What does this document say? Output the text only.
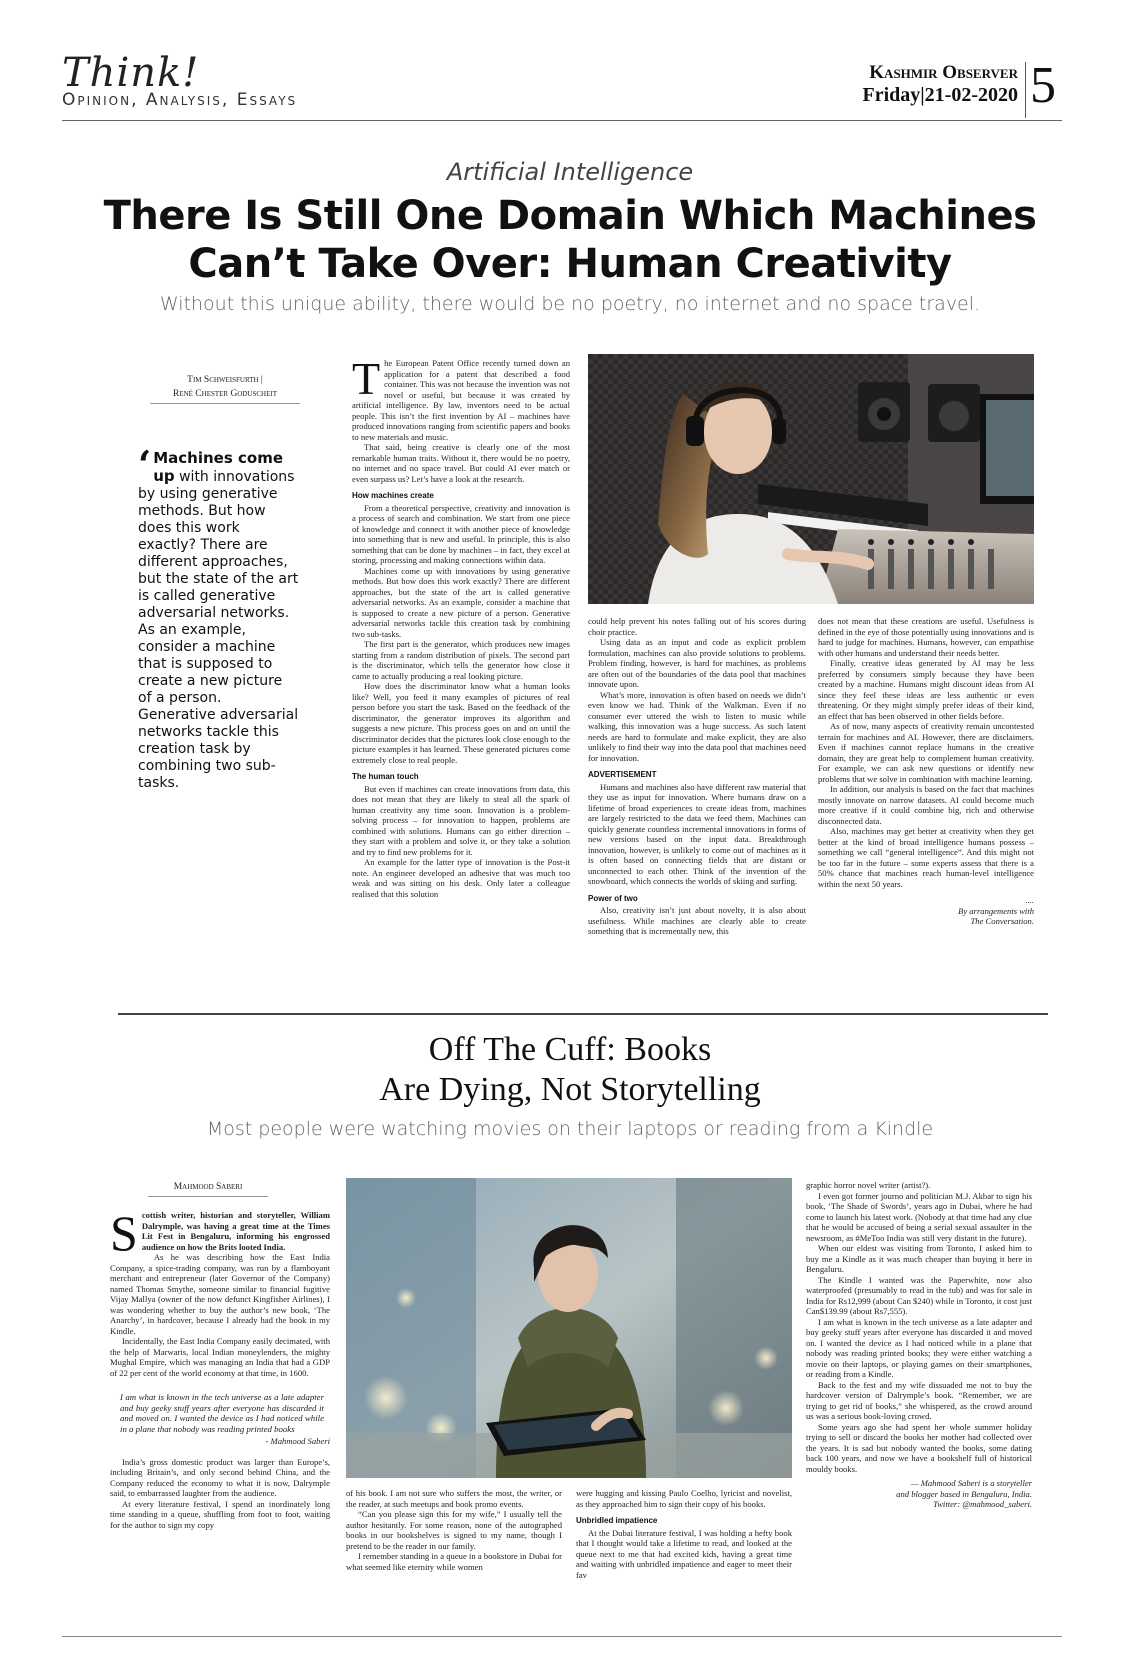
Think!
Opinion, Analysis, Essays
Kashmir Observer
Friday|21-02-2020 5
Artificial Intelligence
There Is Still One Domain Which Machines
Can’t Take Over: Human Creativity
Without this unique ability, there would be no poetry, no internet and no space travel.
Tim Schweisfurth |
René Chester Goduscheit
‘ Machines come up with innovations by using generative methods. But how does this work exactly? There are different approaches, but the state of the art is called generative adversarial networks. As an example, consider a machine that is supposed to create a new picture of a person. Generative adversarial networks tackle this creation task by combining two sub-tasks.

The European Patent Office recently turned down an application for a patent that described a food container. This was not because the invention was not novel or useful, but because it was created by artificial intelligence. By law, inventors need to be actual people. This isn’t the first invention by AI – machines have produced innovations ranging from scientific papers and books to new materials and music.

That said, being creative is clearly one of the most remarkable human traits. Without it, there would be no poetry, no internet and no space travel. But could AI ever match or even surpass us? Let’s have a look at the research.

How machines create

From a theoretical perspective, creativity and innovation is a process of search and combination. We start from one piece of knowledge and connect it with another piece of knowledge into something that is new and useful. In principle, this is also something that can be done by machines – in fact, they excel at storing, processing and making connections within data.

Machines come up with innovations by using generative methods. But how does this work exactly? There are different approaches, but the state of the art is called generative adversarial networks. As an example, consider a machine that is supposed to create a new picture of a person. Generative adversarial networks tackle this creation task by combining two sub-tasks.

The first part is the generator, which produces new images starting from a random distribution of pixels. The second part is the discriminator, which tells the generator how close it came to actually producing a real looking picture.

How does the discriminator know what a human looks like? Well, you feed it many examples of pictures of real person before you start the task. Based on the feedback of the discriminator, the generator improves its algorithm and suggests a new picture. This process goes on and on until the discriminator decides that the pictures look close enough to the picture examples it has learned. These generated pictures come extremely close to real people.

The human touch

But even if machines can create innovations from data, this does not mean that they are likely to steal all the spark of human creativity any time soon. Innovation is a problem-solving process – for innovation to happen, problems are combined with solutions. Humans can go either direction – they start with a problem and solve it, or they take a solution and try to find new problems for it.

An example for the latter type of innovation is the Post-it note. An engineer developed an adhesive that was much too weak and was sitting on his desk. Only later a colleague realised that this solution

could help prevent his notes falling out of his scores during choir practice.

Using data as an input and code as explicit problem formulation, machines can also provide solutions to problems. Problem finding, however, is hard for machines, as problems are often out of the boundaries of the data pool that machines innovate upon.

What’s more, innovation is often based on needs we didn’t even know we had. Think of the Walkman. Even if no consumer ever uttered the wish to listen to music while walking, this innovation was a huge success. As such latent needs are hard to formulate and make explicit, they are also unlikely to find their way into the data pool that machines need for innovation.

ADVERTISEMENT

Humans and machines also have different raw material that they use as input for innovation. Where humans draw on a lifetime of broad experiences to create ideas from, machines are largely restricted to the data we feed them. Machines can quickly generate countless incremental innovations in forms of new versions based on the input data. Breakthrough innovation, however, is unlikely to come out of machines as it is often based on connecting fields that are distant or unconnected to each other. Think of the invention of the snowboard, which connects the worlds of skiing and surfing.

Power of two

Also, creativity isn’t just about novelty, it is also about usefulness. While machines are clearly able to create something that is incrementally new, this

does not mean that these creations are useful. Usefulness is defined in the eye of those potentially using innovations and is hard to judge for machines. Humans, however, can empathise with other humans and understand their needs better.

Finally, creative ideas generated by AI may be less preferred by consumers simply because they have been created by a machine. Humans might discount ideas from AI since they feel these ideas are less authentic or even threatening. Or they might simply prefer ideas of their kind, an effect that has been observed in other fields before.

As of now, many aspects of creativity remain uncontested terrain for machines and AI. However, there are disclaimers. Even if machines cannot replace humans in the creative domain, they are great help to complement human creativity. For example, we can ask new questions or identify new problems that we solve in combination with machine learning.

In addition, our analysis is based on the fact that machines mostly innovate on narrow datasets. AI could become much more creative if it could combine big, rich and otherwise disconnected data.

Also, machines may get better at creativity when they get better at the kind of broad intelligence humans possess – something we call “general intelligence”. And this might not be too far in the future – some experts assess that there is a 50% chance that machines reach human-level intelligence within the next 50 years.

....
By arrangements with
The Conversation.
Off The Cuff: Books
Are Dying, Not Storytelling
Most people were watching movies on their laptops or reading from a Kindle
Mahmood Saberi

Scottish writer, historian and storyteller, William Dalrymple, was having a great time at the Times Lit Fest in Bengaluru, informing his engrossed audience on how the Brits looted India.

As he was describing how the East India Company, a spice-trading company, was run by a flamboyant merchant and entrepreneur (later Governor of the Company) named Thomas Smythe, someone similar to financial fugitive Vijay Mallya (owner of the now defunct Kingfisher Airlines), I was wondering whether to buy the author’s new book, ‘The Anarchy’, in hardcover, because I already had the book in my Kindle.

Incidentally, the East India Company easily decimated, with the help of Marwaris, local Indian moneylenders, the mighty Mughal Empire, which was managing an India that had a GDP of 22 per cent of the world economy at that time, in 1600.

I am what is known in the tech universe as a late adapter and buy geeky stuff years after everyone has discarded it and moved on. I wanted the device as I had noticed while in a plane that nobody was reading printed books
- Mahmood Saberi

India’s gross domestic product was larger than Europe’s, including Britain’s, and only second behind China, and the Company reduced the economy to what it is now, Dalrymple said, to embarrassed laughter from the audience.

At every literature festival, I spend an inordinately long time standing in a queue, shuffling from foot to foot, waiting for the author to sign my copy

of his book. I am not sure who suffers the most, the writer, or the reader, at such meetups and book promo events.

“Can you please sign this for my wife,” I usually tell the author hesitantly. For some reason, none of the autographed books in our bookshelves is signed to my name, though I pretend to be the reader in our family.

I remember standing in a queue in a bookstore in Dubai for what seemed like eternity while women

were hugging and kissing Paulo Coelho, lyricist and novelist, as they approached him to sign their copy of his books.

Unbridled impatience

At the Dubai literature festival, I was holding a hefty book that I thought would take a lifetime to read, and looked at the queue next to me that had excited kids, having a great time and waiting with unbridled impatience and eager to meet their fav

graphic horror novel writer (artist?).

I even got former journo and politician M.J. Akbar to sign his book, ‘The Shade of Swords’, years ago in Dubai, where he had come to launch his latest work. (Nobody at that time had any clue that he would be accused of being a serial sexual assaulter in the newsroom, as #MeToo India was still very distant in the future).

When our eldest was visiting from Toronto, I asked him to buy me a Kindle as it was much cheaper than buying it here in Bengaluru.

The Kindle I wanted was the Paperwhite, now also waterproofed (presumably to read in the tub) and was for sale in India for Rs12,999 (about Can $240) while in Toronto, it cost just Can$139.99 (about Rs7,555).

I am what is known in the tech universe as a late adapter and buy geeky stuff years after everyone has discarded it and moved on. I wanted the device as I had noticed while in a plane that nobody was reading printed books; they were either watching a movie on their laptops, or playing games on their smartphones, or reading from a Kindle.

Back to the fest and my wife dissuaded me not to buy the hardcover version of Dalrymple’s book. “Remember, we are trying to get rid of books,” she whispered, as the crowd around us was a serious book-loving crowd.

Some years ago she had spent her whole summer holiday trying to sell or discard the books her mother had collected over the years. It is sad but nobody wanted the books, some dating back 100 years, and now we have a bookshelf full of historical mouldy books.

— Mahmood Saberi is a storyteller
and blogger based in Bengaluru, India.
Twitter: @mahmood_saberi.
